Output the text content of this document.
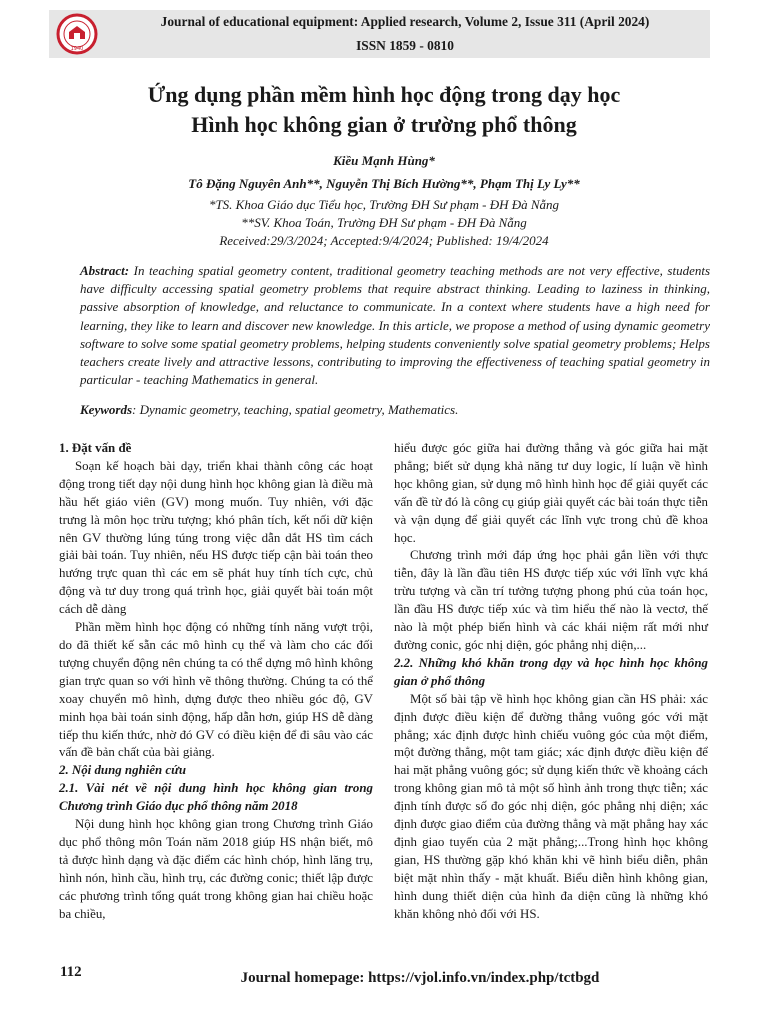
1940
Journal of educational equipment: Applied research, Volume 2, Issue 311 (April 2024)
ISSN 1859 - 0810
Ứng dụng phần mềm hình học động trong dạy học
Hình học không gian ở trường phổ thông
Kiều Mạnh Hùng*
Tô Đặng Nguyên Anh**, Nguyễn Thị Bích Hường**, Phạm Thị Ly Ly**
*TS. Khoa Giáo dục Tiểu học, Trường ĐH Sư phạm - ĐH Đà Nẵng
**SV. Khoa Toán, Trường ĐH Sư phạm - ĐH Đà Nẵng
Received:29/3/2024; Accepted:9/4/2024; Published: 19/4/2024
Abstract: In teaching spatial geometry content, traditional geometry teaching methods are not very effective, students have difficulty accessing spatial geometry problems that require abstract thinking. Leading to laziness in thinking, passive absorption of knowledge, and reluctance to communicate. In a context where students have a high need for learning, they like to learn and discover new knowledge. In this article, we propose a method of using dynamic geometry software to solve some spatial geometry problems, helping students conveniently solve spatial geometry problems; Helps teachers create lively and attractive lessons, contributing to improving the effectiveness of teaching spatial geometry in particular - teaching Mathematics in general.
Keywords: Dynamic geometry, teaching, spatial geometry, Mathematics.

1. Đặt vấn đề

Soạn kế hoạch bài dạy, triển khai thành công các hoạt động trong tiết dạy nội dung hình học không gian là điều mà hầu hết giáo viên (GV) mong muốn. Tuy nhiên, với đặc trưng là môn học trừu tượng; khó phân tích, kết nối dữ kiện nên GV thường lúng túng trong việc dẫn dắt HS tìm cách giải bài toán. Tuy nhiên, nếu HS được tiếp cận bài toán theo hướng trực quan thì các em sẽ phát huy tính tích cực, chủ động và tư duy trong quá trình học, giải quyết bài toán một cách dễ dàng

Phần mềm hình học động có những tính năng vượt trội, do đã thiết kế sẵn các mô hình cụ thể và làm cho các đối tượng chuyển động nên chúng ta có thể dựng mô hình không gian trực quan so với hình vẽ thông thường. Chúng ta có thể xoay chuyển mô hình, dựng được theo nhiều góc độ, GV minh họa bài toán sinh động, hấp dẫn hơn, giúp HS dễ dàng tiếp thu kiến thức, nhờ đó GV có điều kiện để đi sâu vào các vấn đề bản chất của bài giảng.

2. Nội dung nghiên cứu

2.1. Vài nét về nội dung hình học không gian trong Chương trình Giáo dục phổ thông năm 2018

Nội dung hình học không gian trong Chương trình Giáo dục phổ thông môn Toán năm 2018 giúp HS nhận biết, mô tả được hình dạng và đặc điểm các hình chóp, hình lăng trụ, hình nón, hình cầu, hình trụ, các đường conic; thiết lập được các phương trình tổng quát trong không gian hai chiều hoặc ba chiều,

hiểu được góc giữa hai đường thẳng và góc giữa hai mặt phẳng; biết sử dụng khả năng tư duy logic, lí luận về hình học không gian, sử dụng mô hình hình học để giải quyết các vấn đề từ đó là công cụ giúp giải quyết các bài toán thực tiễn và vận dụng để giải quyết các lĩnh vực trong chủ đề khoa học.

Chương trình mới đáp ứng học phải gắn liền với thực tiễn, đây là lần đầu tiên HS được tiếp xúc với lĩnh vực khá trừu tượng và cần trí tưởng tượng phong phú của toán học, lần đầu HS được tiếp xúc và tìm hiểu thế nào là vectơ, thế nào là một phép biến hình và các khái niệm rất mới như đường conic, góc nhị diện, góc phẳng nhị diện,...

2.2. Những khó khăn trong dạy và học hình học không gian ở phổ thông

Một số bài tập về hình học không gian cần HS phải: xác định được điều kiện để đường thẳng vuông góc với mặt phẳng; xác định được hình chiếu vuông góc của một điểm, một đường thẳng, một tam giác; xác định được điều kiện để hai mặt phẳng vuông góc; sử dụng kiến thức về khoảng cách trong không gian mô tả một số hình ảnh trong thực tiễn; xác định tính được số đo góc nhị diện, góc phẳng nhị diện; xác định được giao điểm của đường thẳng và mặt phẳng hay xác định giao tuyến của 2 mặt phẳng;...Trong hình học không gian, HS thường gặp khó khăn khi vẽ hình biểu diễn, phân biệt mặt nhìn thấy - mặt khuất. Biểu diễn hình không gian, hình dung thiết diện của hình đa diện cũng là những khó khăn không nhỏ đối với HS.

112	Journal homepage: https://vjol.info.vn/index.php/tctbgd
